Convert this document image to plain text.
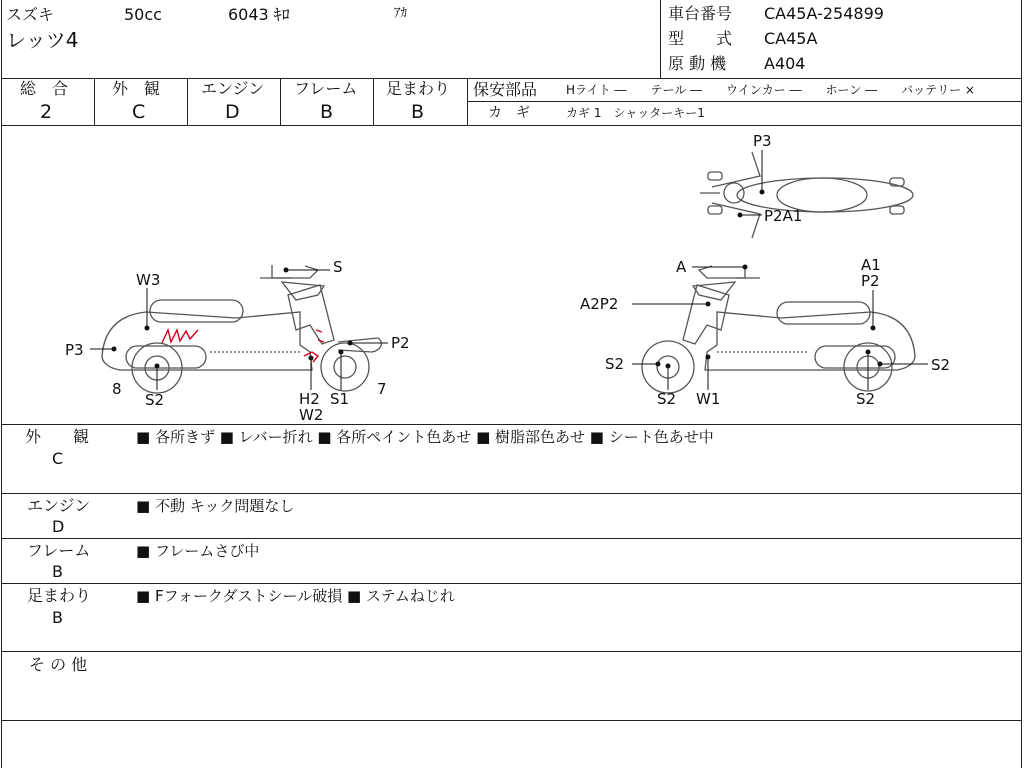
スズキ	50cc	6043 ｷﾛ	ｱｶ
レッツ4
車台番号 CA45A-254899
型　　式 CA45A
原 動 機 A404
総　合
2
外　観
C
エンジン
D
フレーム
B
足まわり
B
保安部品 Hライト ―　　テール ―　　ウインカー ―　　ホーン ―　　バッテリー ×
カ　ギ	カギ 1　シャッターキー1
S
W3
P3	P2
8
S2	H2
W2
S1
7
A	A1
P2
A2P2
S2
S2 W1	S2
S2
P3
P2A1
外　　観
C
■ 各所きず ■ レバー折れ ■ 各所ペイント色あせ ■ 樹脂部色あせ ■ シート色あせ中
エンジン
D
■ 不動 キック問題なし
フレーム
B
■ フレームさび中
足まわり
B
■ Fフォークダストシール破損 ■ ステムねじれ
そ の 他
